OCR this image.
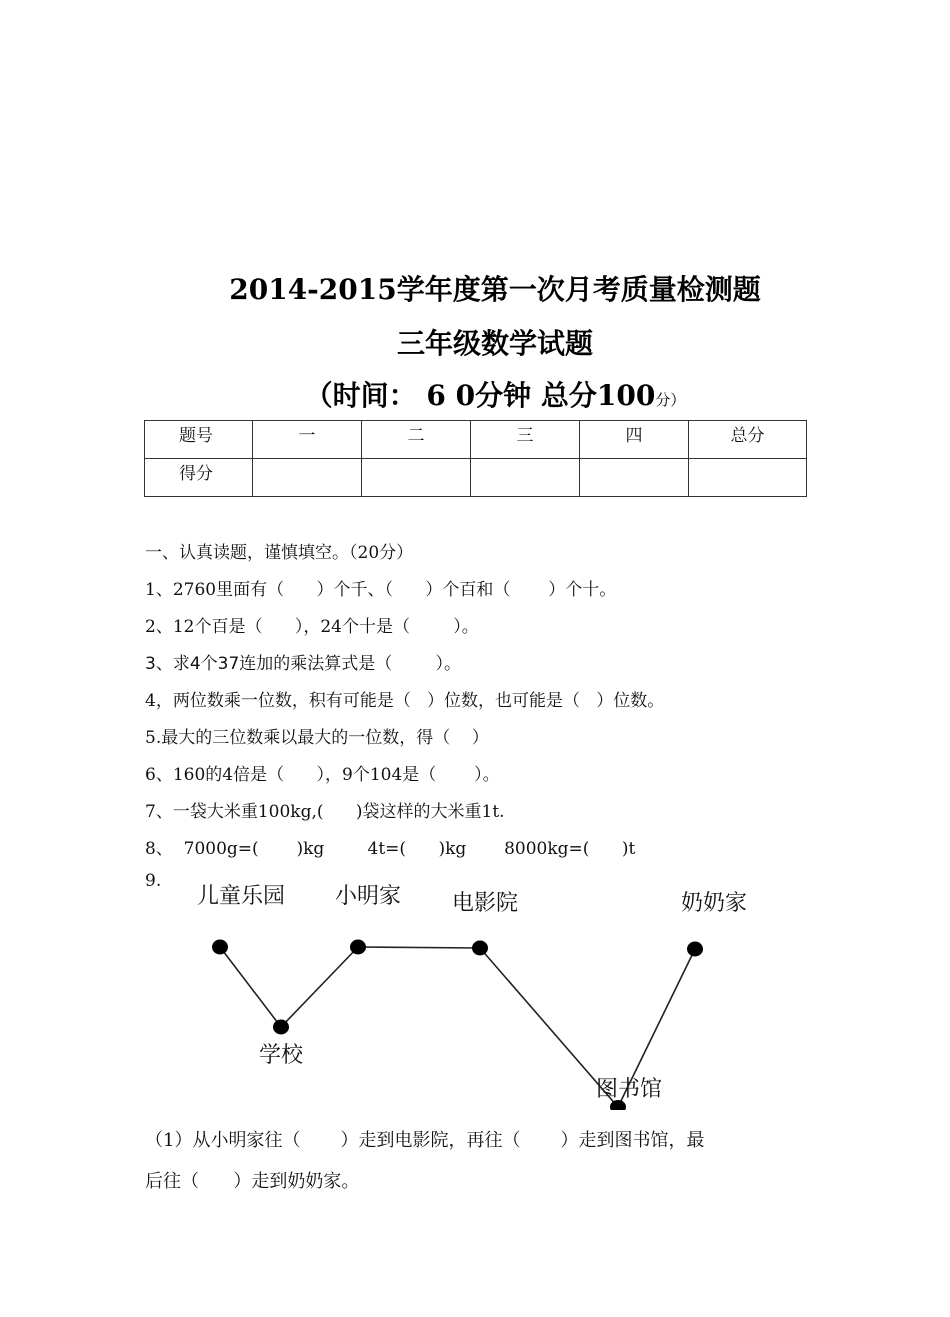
2014-2015学年度第一次月考质量检测题
三年级数学试题
（时间： 6 0分钟 总分100分）
题号	一	二	三	四	总分
得分					
一、认真读题，谨慎填空。（20分）
1、2760里面有（      ）个千、（      ）个百和（       ）个十。
2、12个百是（      ），24个十是（        ）。
3、求4个37连加的乘法算式是（        ）。
4，两位数乘一位数，积有可能是（   ）位数，也可能是（   ）位数。
5.最大的三位数乘以最大的一位数，得（    ）
6、160的4倍是（      ），9个104是（       ）。
7、一袋大米重100kg,(      )袋这样的大米重1t.
8、  7000g=(       )kg        4t=(      )kg       8000kg=(      )t
9.
儿童乐园 小明家 电影院	奶奶家
学校
图书馆
（1）从小明家往（       ）走到电影院，再往（       ）走到图书馆，最
后往（      ）走到奶奶家。
